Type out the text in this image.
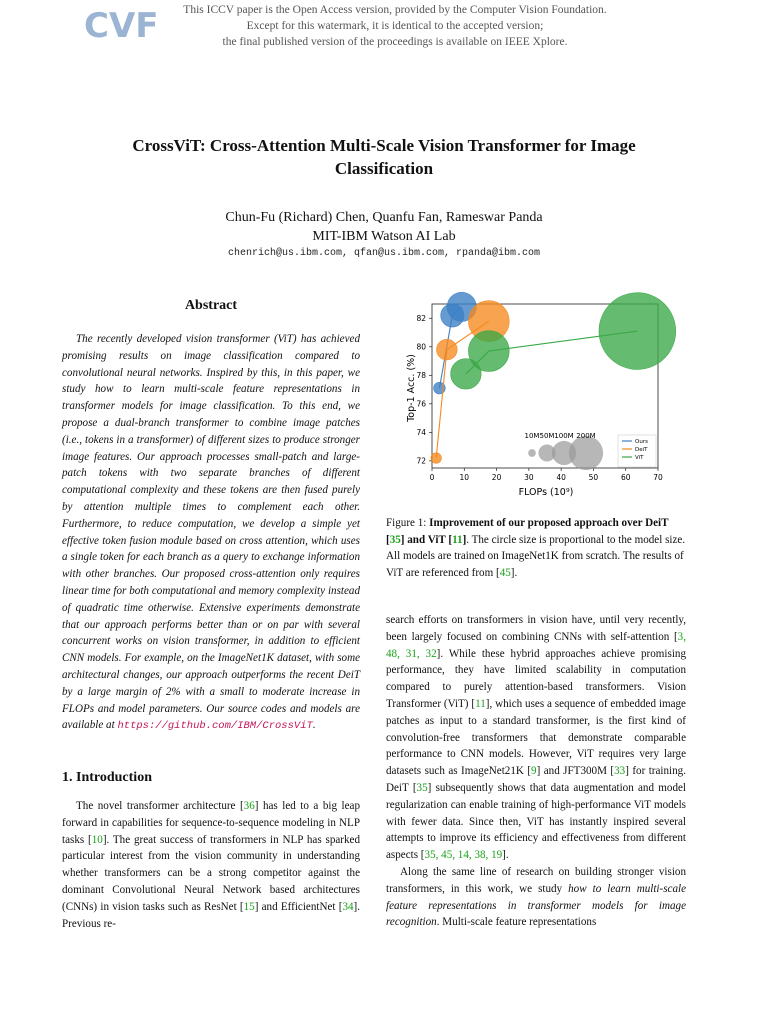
CVF	This ICCV paper is the Open Access version, provided by the Computer Vision Foundation.
Except for this watermark, it is identical to the accepted version;
the final published version of the proceedings is available on IEEE Xplore.
CrossViT: Cross-Attention Multi-Scale Vision Transformer for Image
Classification
Chun-Fu (Richard) Chen, Quanfu Fan, Rameswar Panda
MIT-IBM Watson AI Lab
chenrich@us.ibm.com, qfan@us.ibm.com, rpanda@ibm.com
Abstract
The recently developed vision transformer (ViT) has achieved promising results on image classification compared to convolutional neural networks. Inspired by this, in this paper, we study how to learn multi-scale feature representations in transformer models for image classification. To this end, we propose a dual-branch transformer to combine image patches (i.e., tokens in a transformer) of different sizes to produce stronger image features. Our approach processes small-patch and large-patch tokens with two separate branches of different computational complexity and these tokens are then fused purely by attention multiple times to complement each other. Furthermore, to reduce computation, we develop a simple yet effective token fusion module based on cross attention, which uses a single token for each branch as a query to exchange information with other branches. Our proposed cross-attention only requires linear time for both computational and memory complexity instead of quadratic time otherwise. Extensive experiments demonstrate that our approach performs better than or on par with several concurrent works on vision transformer, in addition to efficient CNN models. For example, on the ImageNet1K dataset, with some architectural changes, our approach outperforms the recent DeiT by a large margin of 2% with a small to moderate increase in FLOPs and model parameters. Our source codes and models are available at https://github.com/IBM/CrossViT.
1. Introduction
The novel transformer architecture [36] has led to a big leap forward in capabilities for sequence-to-sequence modeling in NLP tasks [10]. The great success of transformers in NLP has sparked particular interest from the vision community in understanding whether transformers can be a strong competitor against the dominant Convolutional Neural Network based architectures (CNNs) in vision tasks such as ResNet [15] and EfficientNet [34]. Previous re-
Top-1 Acc. (%)
FLOPs (10⁹)
0	10	20	30	40	50	60	70
72
74
76
78
80
82
10M 50M 100M 200M
Ours
DeiT
ViT
Figure 1: Improvement of our proposed approach over DeiT [35] and ViT [11]. The circle size is proportional to the model size. All models are trained on ImageNet1K from scratch. The results of ViT are referenced from [45].

search efforts on transformers in vision have, until very recently, been largely focused on combining CNNs with self-attention [3, 48, 31, 32]. While these hybrid approaches achieve promising performance, they have limited scalability in computation compared to purely attention-based transformers. Vision Transformer (ViT) [11], which uses a sequence of embedded image patches as input to a standard transformer, is the first kind of convolution-free transformers that demonstrate comparable performance to CNN models. However, ViT requires very large datasets such as ImageNet21K [9] and JFT300M [33] for training. DeiT [35] subsequently shows that data augmentation and model regularization can enable training of high-performance ViT models with fewer data. Since then, ViT has instantly inspired several attempts to improve its efficiency and effectiveness from different aspects [35, 45, 14, 38, 19].

Along the same line of research on building stronger vision transformers, in this work, we study how to learn multi-scale feature representations in transformer models for image recognition. Multi-scale feature representations
